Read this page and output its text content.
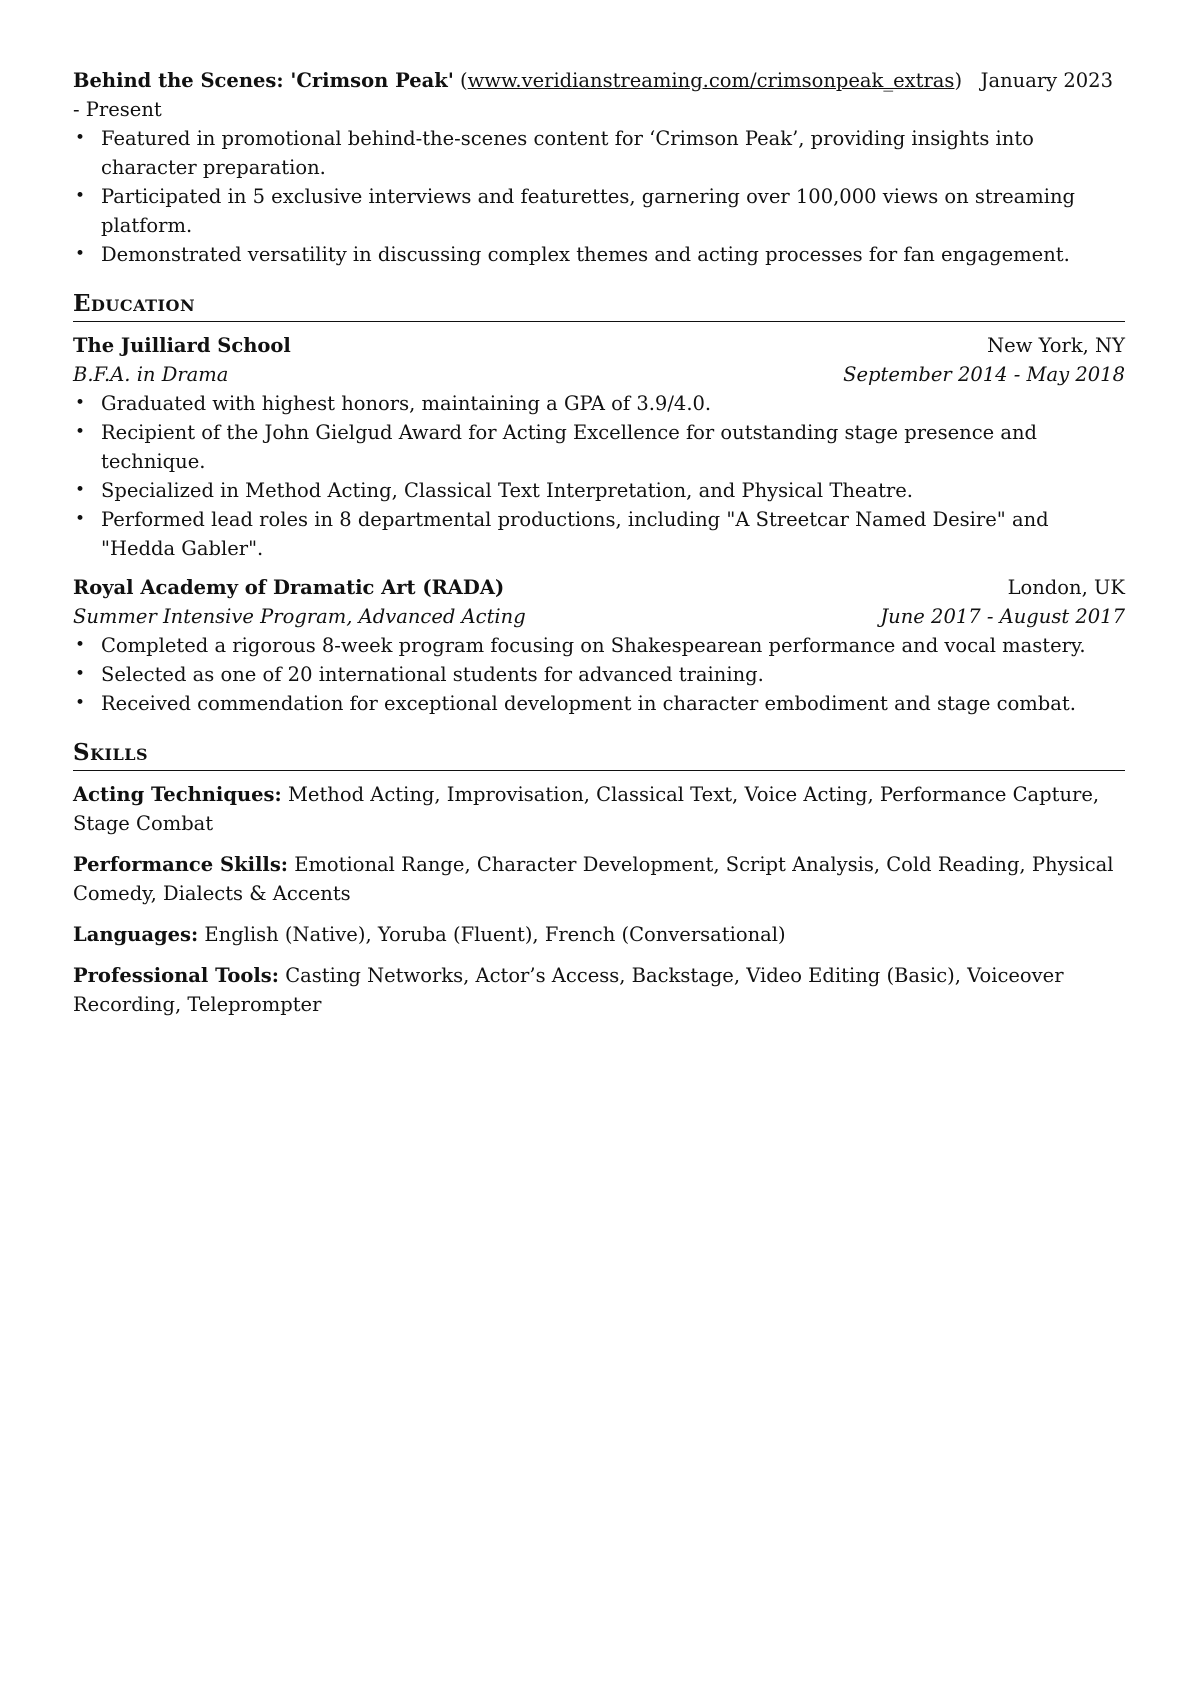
Behind the Scenes: 'Crimson Peak' (www.veridianstreaming.com/crimsonpeak_extras)   January 2023 - Present
• Featured in promotional behind-the-scenes content for ‘Crimson Peak’, providing insights into character preparation.
• Participated in 5 exclusive interviews and featurettes, garnering over 100,000 views on streaming platform.
• Demonstrated versatility in discussing complex themes and acting processes for fan engagement.
Education
The Juilliard School	New York, NY
B.F.A. in Drama	September 2014 - May 2018
• Graduated with highest honors, maintaining a GPA of 3.9/4.0.
• Recipient of the John Gielgud Award for Acting Excellence for outstanding stage presence and technique.
• Specialized in Method Acting, Classical Text Interpretation, and Physical Theatre.
• Performed lead roles in 8 departmental productions, including "A Streetcar Named Desire" and "Hedda Gabler".
Royal Academy of Dramatic Art (RADA)	London, UK
Summer Intensive Program, Advanced Acting	June 2017 - August 2017
• Completed a rigorous 8-week program focusing on Shakespearean performance and vocal mastery.
• Selected as one of 20 international students for advanced training.
• Received commendation for exceptional development in character embodiment and stage combat.
Skills
Acting Techniques: Method Acting, Improvisation, Classical Text, Voice Acting, Performance Capture, Stage Combat
Performance Skills: Emotional Range, Character Development, Script Analysis, Cold Reading, Physical Comedy, Dialects & Accents
Languages: English (Native), Yoruba (Fluent), French (Conversational)
Professional Tools: Casting Networks, Actor’s Access, Backstage, Video Editing (Basic), Voiceover Recording, Teleprompter
